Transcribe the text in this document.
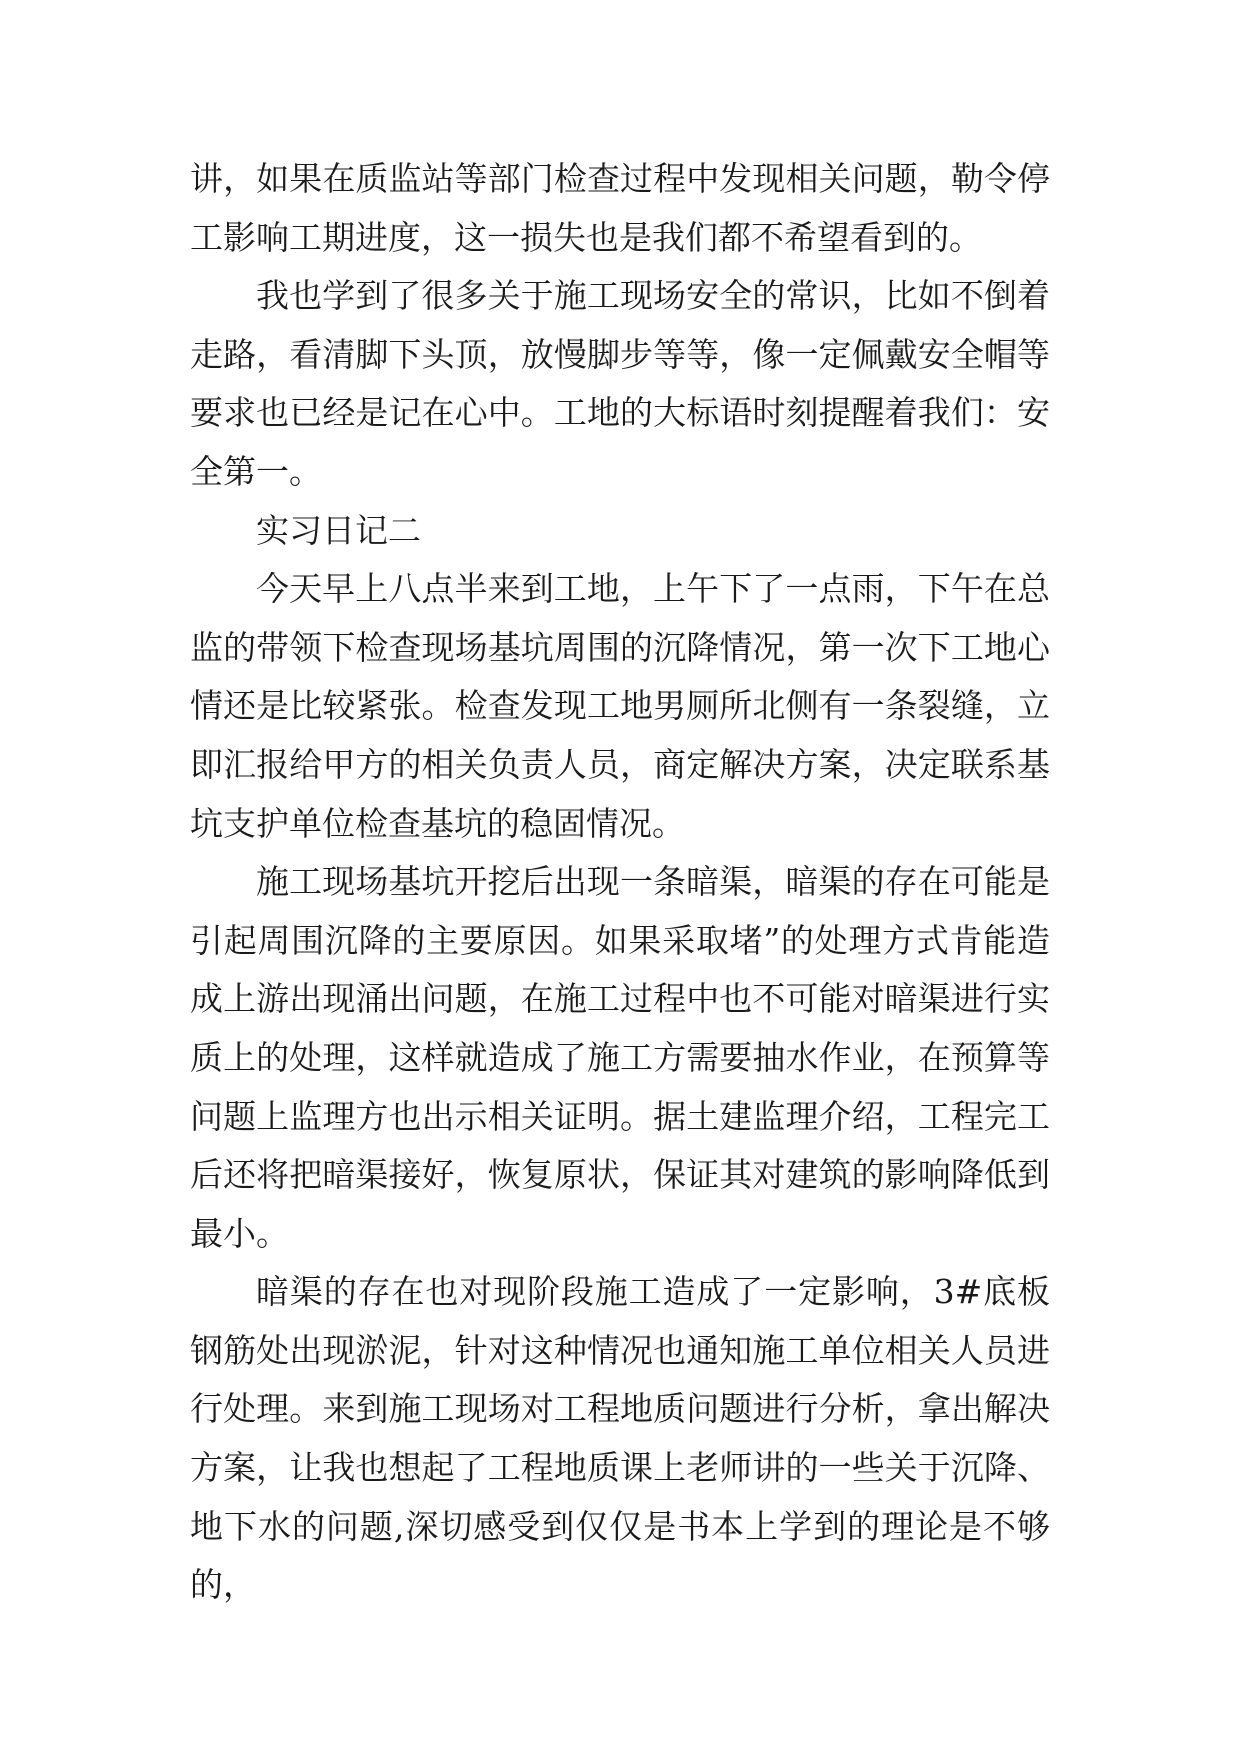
讲，如果在质监站等部门检查过程中发现相关问题，勒令停工影响工期进度，这一损失也是我们都不希望看到的。

我也学到了很多关于施工现场安全的常识，比如不倒着走路，看清脚下头顶，放慢脚步等等，像一定佩戴安全帽等要求也已经是记在心中。工地的大标语时刻提醒着我们：安全第一。

实习日记二

今天早上八点半来到工地，上午下了一点雨，下午在总监的带领下检查现场基坑周围的沉降情况，第一次下工地心情还是比较紧张。检查发现工地男厕所北侧有一条裂缝，立即汇报给甲方的相关负责人员，商定解决方案，决定联系基坑支护单位检查基坑的稳固情况。

施工现场基坑开挖后出现一条暗渠，暗渠的存在可能是引起周围沉降的主要原因。如果采取堵”的处理方式肯能造成上游出现涌出问题，在施工过程中也不可能对暗渠进行实质上的处理，这样就造成了施工方需要抽水作业，在预算等问题上监理方也出示相关证明。据土建监理介绍，工程完工后还将把暗渠接好，恢复原状，保证其对建筑的影响降低到最小。

暗渠的存在也对现阶段施工造成了一定影响，3#底板钢筋处出现淤泥，针对这种情况也通知施工单位相关人员进行处理。来到施工现场对工程地质问题进行分析，拿出解决方案，让我也想起了工程地质课上老师讲的一些关于沉降、地下水的问题,深切感受到仅仅是书本上学到的理论是不够的，
